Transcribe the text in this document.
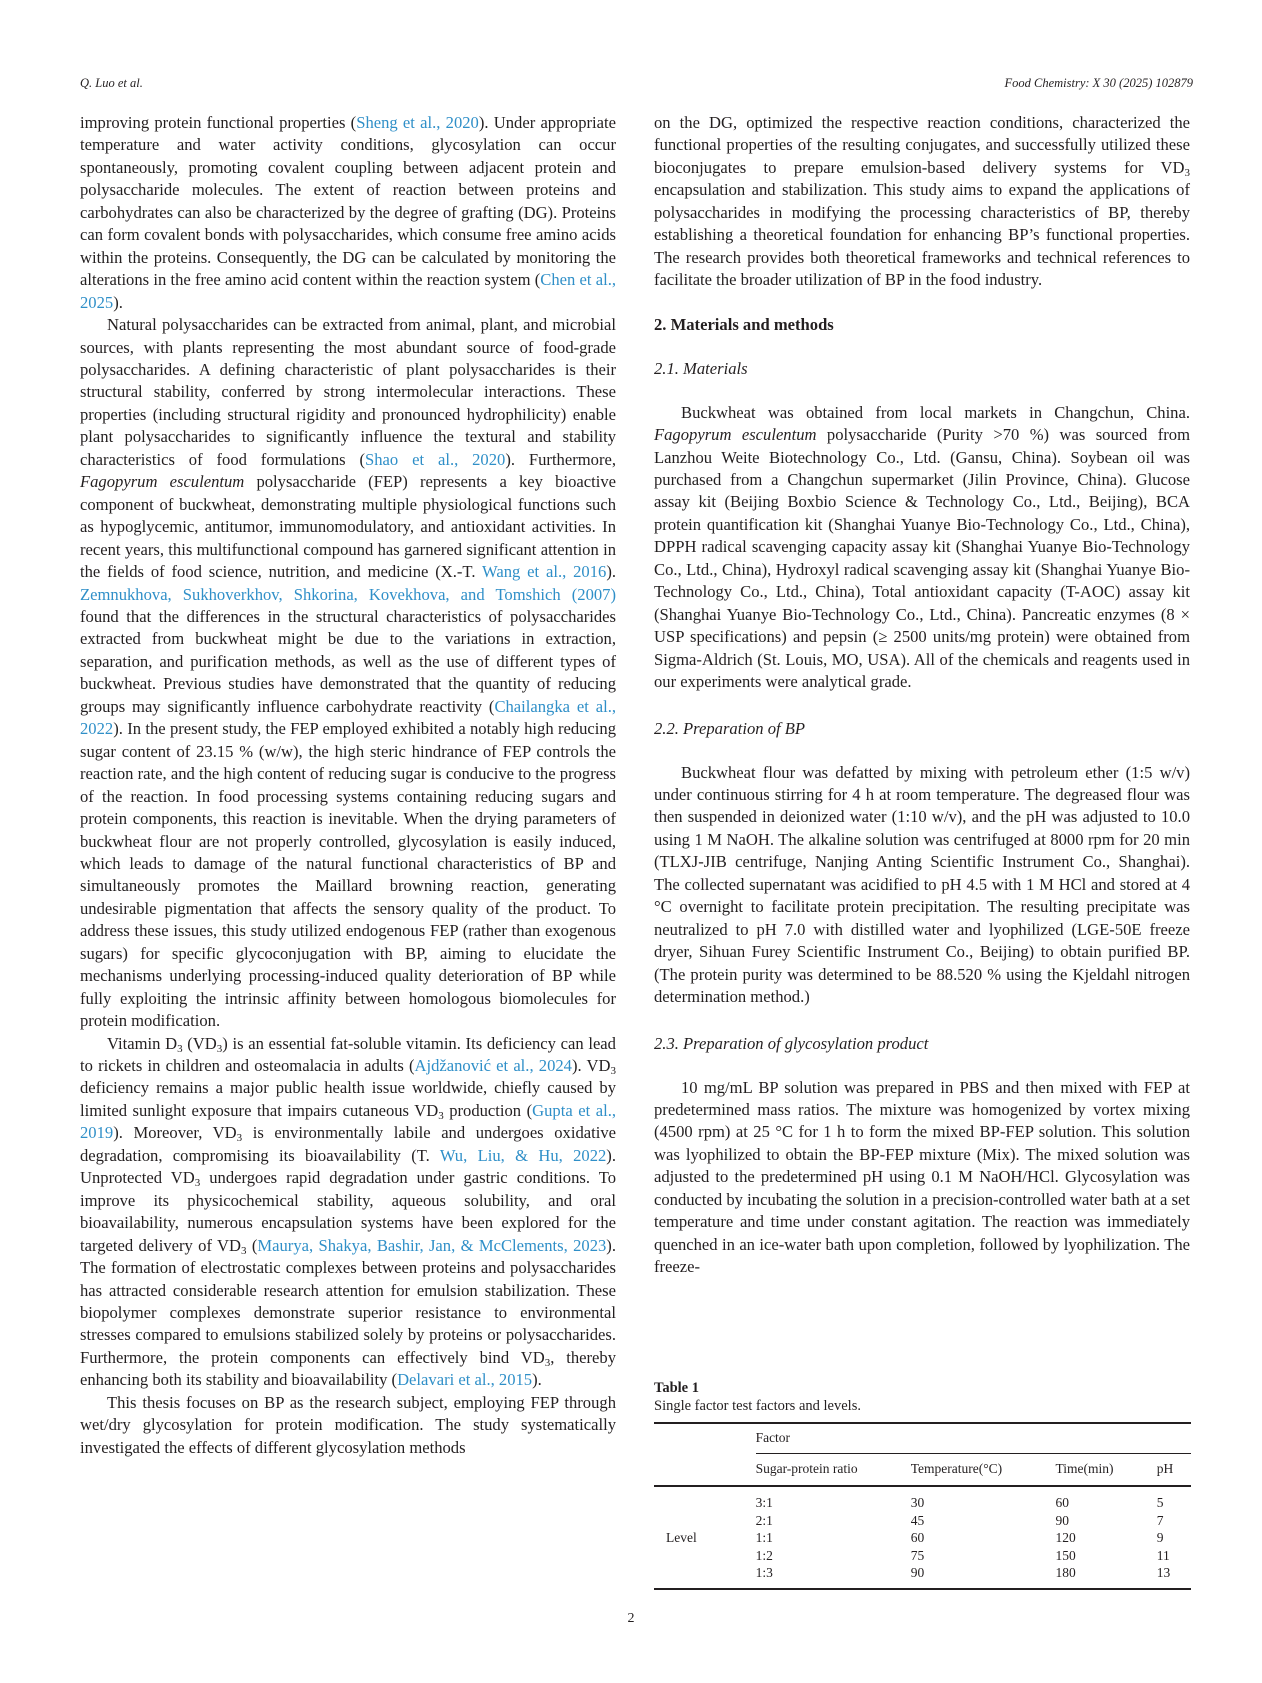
Q. Luo et al.	Food Chemistry: X 30 (2025) 102879

improving protein functional properties (Sheng et al., 2020). Under appropriate temperature and water activity conditions, glycosylation can occur spontaneously, promoting covalent coupling between adjacent protein and polysaccharide molecules. The extent of reaction between proteins and carbohydrates can also be characterized by the degree of grafting (DG). Proteins can form covalent bonds with polysaccharides, which consume free amino acids within the proteins. Consequently, the DG can be calculated by monitoring the alterations in the free amino acid content within the reaction system (Chen et al., 2025).

Natural polysaccharides can be extracted from animal, plant, and microbial sources, with plants representing the most abundant source of food-grade polysaccharides. A defining characteristic of plant polysaccharides is their structural stability, conferred by strong intermolecular interactions. These properties (including structural rigidity and pronounced hydrophilicity) enable plant polysaccharides to significantly influence the textural and stability characteristics of food formulations (Shao et al., 2020). Furthermore, Fagopyrum esculentum polysaccharide (FEP) represents a key bioactive component of buckwheat, demonstrating multiple physiological functions such as hypoglycemic, antitumor, immunomodulatory, and antioxidant activities. In recent years, this multifunctional compound has garnered significant attention in the fields of food science, nutrition, and medicine (X.-T. Wang et al., 2016). Zemnukhova, Sukhoverkhov, Shkorina, Kovekhova, and Tomshich (2007) found that the differences in the structural characteristics of polysaccharides extracted from buckwheat might be due to the variations in extraction, separation, and purification methods, as well as the use of different types of buckwheat. Previous studies have demonstrated that the quantity of reducing groups may significantly influence carbohydrate reactivity (Chailangka et al., 2022). In the present study, the FEP employed exhibited a notably high reducing sugar content of 23.15 % (w/w), the high steric hindrance of FEP controls the reaction rate, and the high content of reducing sugar is conducive to the progress of the reaction. In food processing systems containing reducing sugars and protein components, this reaction is inevitable. When the drying parameters of buckwheat flour are not properly controlled, glycosylation is easily induced, which leads to damage of the natural functional characteristics of BP and simultaneously promotes the Maillard browning reaction, generating undesirable pigmentation that affects the sensory quality of the product. To address these issues, this study utilized endogenous FEP (rather than exogenous sugars) for specific glycoconjugation with BP, aiming to elucidate the mechanisms underlying processing-induced quality deterioration of BP while fully exploiting the intrinsic affinity between homologous biomolecules for protein modification.

Vitamin $D_3$ $(VD_3)$ is an essential fat-soluble vitamin. Its deficiency can lead to rickets in children and osteomalacia in adults (Ajdžanović et al., 2024). $VD_3$ deficiency remains a major public health issue worldwide, chiefly caused by limited sunlight exposure that impairs cutaneous $VD_3$ production (Gupta et al., 2019). Moreover, $VD_3$ is environmentally labile and undergoes oxidative degradation, compromising its bioavailability (T. Wu, Liu, & Hu, 2022). Unprotected $VD_3$ undergoes rapid degradation under gastric conditions. To improve its physicochemical stability, aqueous solubility, and oral bioavailability, numerous encapsulation systems have been explored for the targeted delivery of $VD_3$ (Maurya, Shakya, Bashir, Jan, & McClements, 2023). The formation of electrostatic complexes between proteins and polysaccharides has attracted considerable research attention for emulsion stabilization. These biopolymer complexes demonstrate superior resistance to environmental stresses compared to emulsions stabilized solely by proteins or polysaccharides. Furthermore, the protein components can effectively bind $VD_3$, thereby enhancing both its stability and bioavailability (Delavari et al., 2015).

This thesis focuses on BP as the research subject, employing FEP through wet/dry glycosylation for protein modification. The study systematically investigated the effects of different glycosylation methods

on the DG, optimized the respective reaction conditions, characterized the functional properties of the resulting conjugates, and successfully utilized these bioconjugates to prepare emulsion-based delivery systems for $VD_3$ encapsulation and stabilization. This study aims to expand the applications of polysaccharides in modifying the processing characteristics of BP, thereby establishing a theoretical foundation for enhancing BP’s functional properties. The research provides both theoretical frameworks and technical references to facilitate the broader utilization of BP in the food industry.

2. Materials and methods
2.1. Materials

Buckwheat was obtained from local markets in Changchun, China. Fagopyrum esculentum polysaccharide (Purity >70 %) was sourced from Lanzhou Weite Biotechnology Co., Ltd. (Gansu, China). Soybean oil was purchased from a Changchun supermarket (Jilin Province, China). Glucose assay kit (Beijing Boxbio Science & Technology Co., Ltd., Beijing), BCA protein quantification kit (Shanghai Yuanye Bio-Technology Co., Ltd., China), DPPH radical scavenging capacity assay kit (Shanghai Yuanye Bio-Technology Co., Ltd., China), Hydroxyl radical scavenging assay kit (Shanghai Yuanye Bio-Technology Co., Ltd., China), Total antioxidant capacity (T-AOC) assay kit (Shanghai Yuanye Bio-Technology Co., Ltd., China). Pancreatic enzymes (8 × USP specifications) and pepsin (≥ 2500 units/mg protein) were obtained from Sigma-Aldrich (St. Louis, MO, USA). All of the chemicals and reagents used in our experiments were analytical grade.

2.2. Preparation of BP

Buckwheat flour was defatted by mixing with petroleum ether (1:5 w/v) under continuous stirring for 4 h at room temperature. The degreased flour was then suspended in deionized water (1:10 w/v), and the pH was adjusted to 10.0 using 1 M NaOH. The alkaline solution was centrifuged at 8000 rpm for 20 min (TLXJ-JIB centrifuge, Nanjing Anting Scientific Instrument Co., Shanghai). The collected supernatant was acidified to pH 4.5 with 1 M HCl and stored at 4 °C overnight to facilitate protein precipitation. The resulting precipitate was neutralized to pH 7.0 with distilled water and lyophilized (LGE-50E freeze dryer, Sihuan Furey Scientific Instrument Co., Beijing) to obtain purified BP. (The protein purity was determined to be 88.520 % using the Kjeldahl nitrogen determination method.)

2.3. Preparation of glycosylation product

10 mg/mL BP solution was prepared in PBS and then mixed with FEP at predetermined mass ratios. The mixture was homogenized by vortex mixing (4500 rpm) at 25 °C for 1 h to form the mixed BP-FEP solution. This solution was lyophilized to obtain the BP-FEP mixture (Mix). The mixed solution was adjusted to the predetermined pH using 0.1 M NaOH/HCl. Glycosylation was conducted by incubating the solution in a precision-controlled water bath at a set temperature and time under constant agitation. The reaction was immediately quenched in an ice-water bath upon completion, followed by lyophilization. The freeze-

Table 1
Single factor test factors and levels.
	Factor			
	Sugar-protein ratio	Temperature(°C)	Time(min)	pH
	3:1	30	60	5
	2:1	45	90	7
Level	1:1	60	120	9
	1:2	75	150	11
	1:3	90	180	13
2
